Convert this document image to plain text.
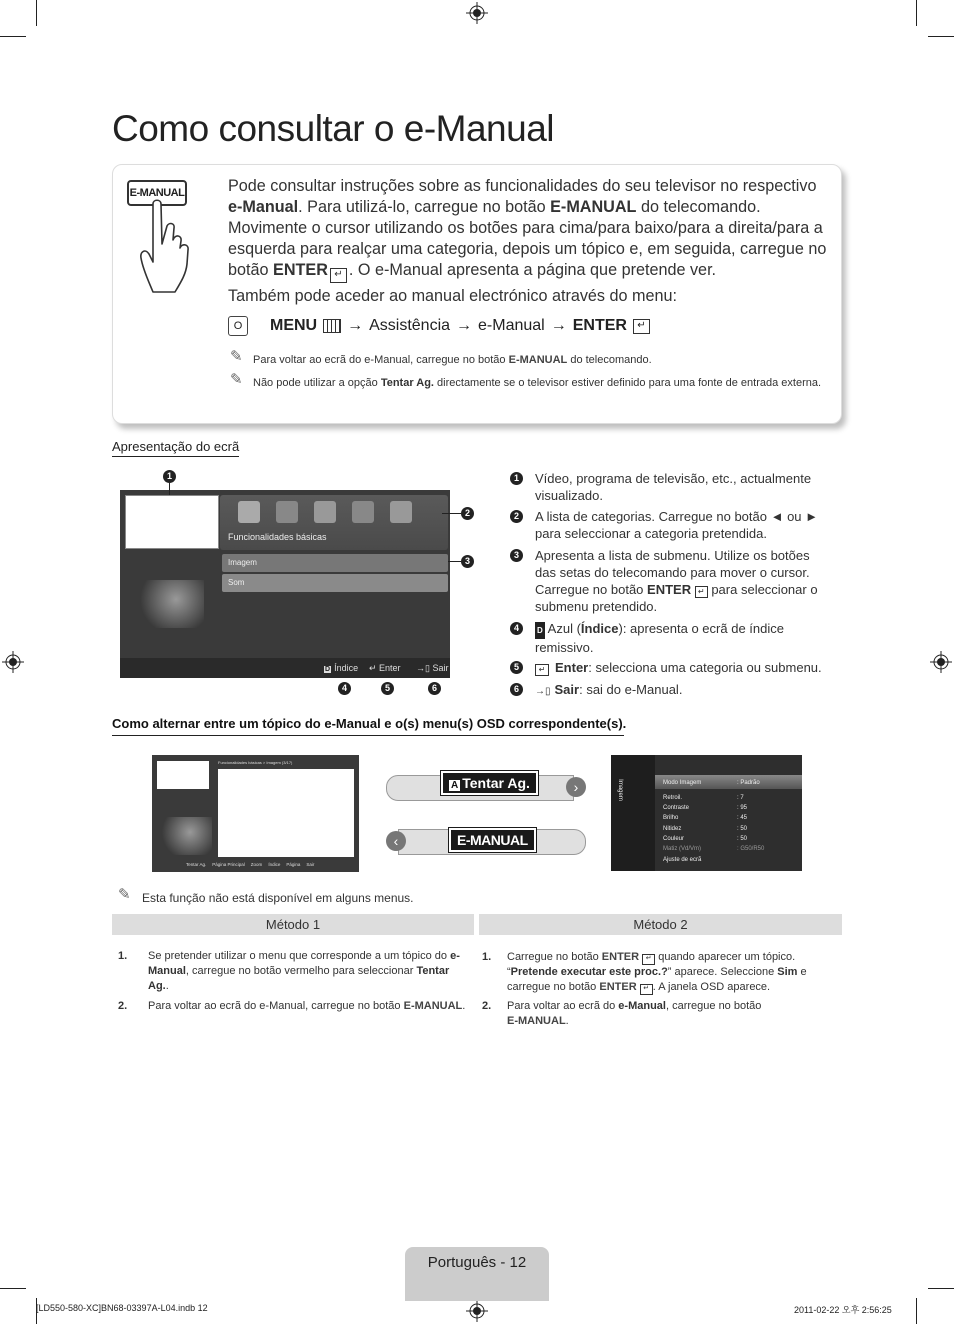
Como consultar o e-Manual
E-MANUAL	Pode consultar instruções sobre as funcionalidades do seu televisor no respectivo e-Manual. Para utilizá-lo, carregue no botão E-MANUAL do telecomando. Movimente o cursor utilizando os botões para cima/para baixo/para a direita/para a esquerda para realçar uma categoria, depois um tópico e, em seguida, carregue no botão ENTER ↵ . O e-Manual apresenta a página que pretende ver.

Também pode aceder ao manual electrónico através do menu:

O	MENU → Assistência → e-Manual → ENTER	↵
✎ Para voltar ao ecrã do e-Manual, carregue no botão E-MANUAL do telecomando.
✎ Não pode utilizar a opção Tentar Ag. directamente se o televisor estiver definido para uma fonte de entrada externa.
Apresentação do ecrã
Funcionalidades básicas
Imagem
Som
D Índice ↵ Enter →▯ Sair
1
2
3
4	5	6
1	Vídeo, programa de televisão, etc., actualmente visualizado.
2	A lista de categorias. Carregue no botão ◄ ou ► para seleccionar a categoria pretendida.
3	Apresenta a lista de submenu. Utilize os botões das setas do telecomando para mover o cursor. Carregue no botão ENTER ↵ para seleccionar o submenu pretendido.
4	D Azul (Índice): apresenta o ecrã de índice remissivo.
5	↵ Enter: selecciona uma categoria ou submenu.
6	→▯ Sair: sai do e-Manual.
Como alternar entre um tópico do e-Manual e o(s) menu(s) OSD correspondente(s).
Funcionalidades básicas > Imagem (3/17)
Tentar Ag. Página Principal Zoom Índice Página Sair
›
‹
A Tentar Ag.
E-MANUAL
Imagem	Modo Imagem	: Padrão
Retroil.	: 7
Contraste	: 95
Brilho	: 45
Nitidez	: 50
Couleur	: 50
Matiz (Vd/Vm)	: G50/R50
Ajuste de ecrã
✎ Esta função não está disponível em alguns menus.
Método 1	Método 2
1. Se pretender utilizar o menu que corresponde a um tópico do e-Manual, carregue no botão vermelho para seleccionar Tentar Ag..
2. Para voltar ao ecrã do e-Manual, carregue no botão E-MANUAL.
1. Carregue no botão ENTER ↵ quando aparecer um tópico. “Pretende executar este proc.?” aparece. Seleccione Sim e carregue no botão ENTER ↵ . A janela OSD aparece.
2. Para voltar ao ecrã do e-Manual, carregue no botão
E-MANUAL.
Português - 12
[LD550-580-XC]BN68-03397A-L04.indb 12	2011-02-22 오후 2:56:25
